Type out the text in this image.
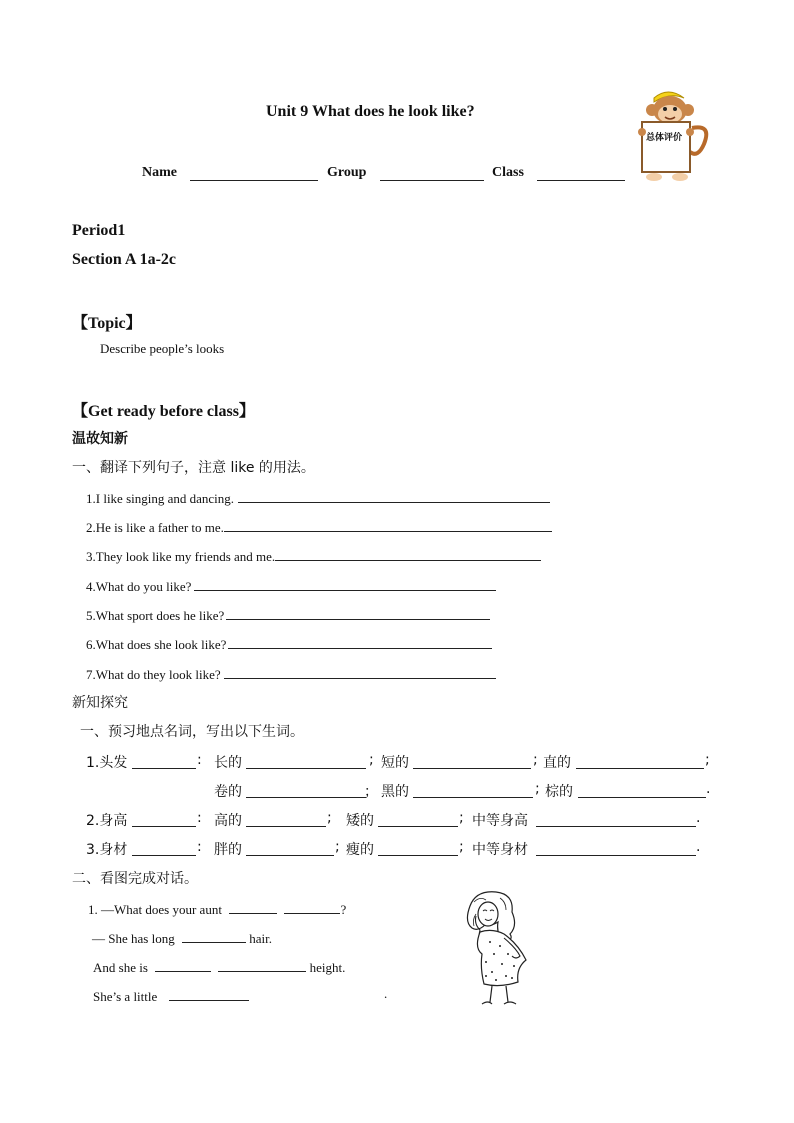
Unit 9 What does he look like?
总体评价
Name	Group	Class
Period1
Section A 1a-2c
【Topic】
Describe people’s looks
【Get ready before class】
温故知新
一、翻译下列句子，注意 like 的用法。
1.I like singing and dancing.
2.He is like a father to me.
3.They look like my friends and me.
4.What do you like?
5.What sport does he like?
6.What does she look like?
7.What do they look like?
新知探究
一、预习地点名词，写出以下生词。
1.头发	: 长的	; 短的	; 直的	;
卷的	； 黑的	; 棕的	.
2.身高	: 高的	; 矮的	; 中等身高	.
3.身材	: 胖的	; 瘦的	; 中等身材	.
二、看图完成对话。
1. —What does your aunt	?
— She has long	hair.
And she is	height.
She’s a little	.
